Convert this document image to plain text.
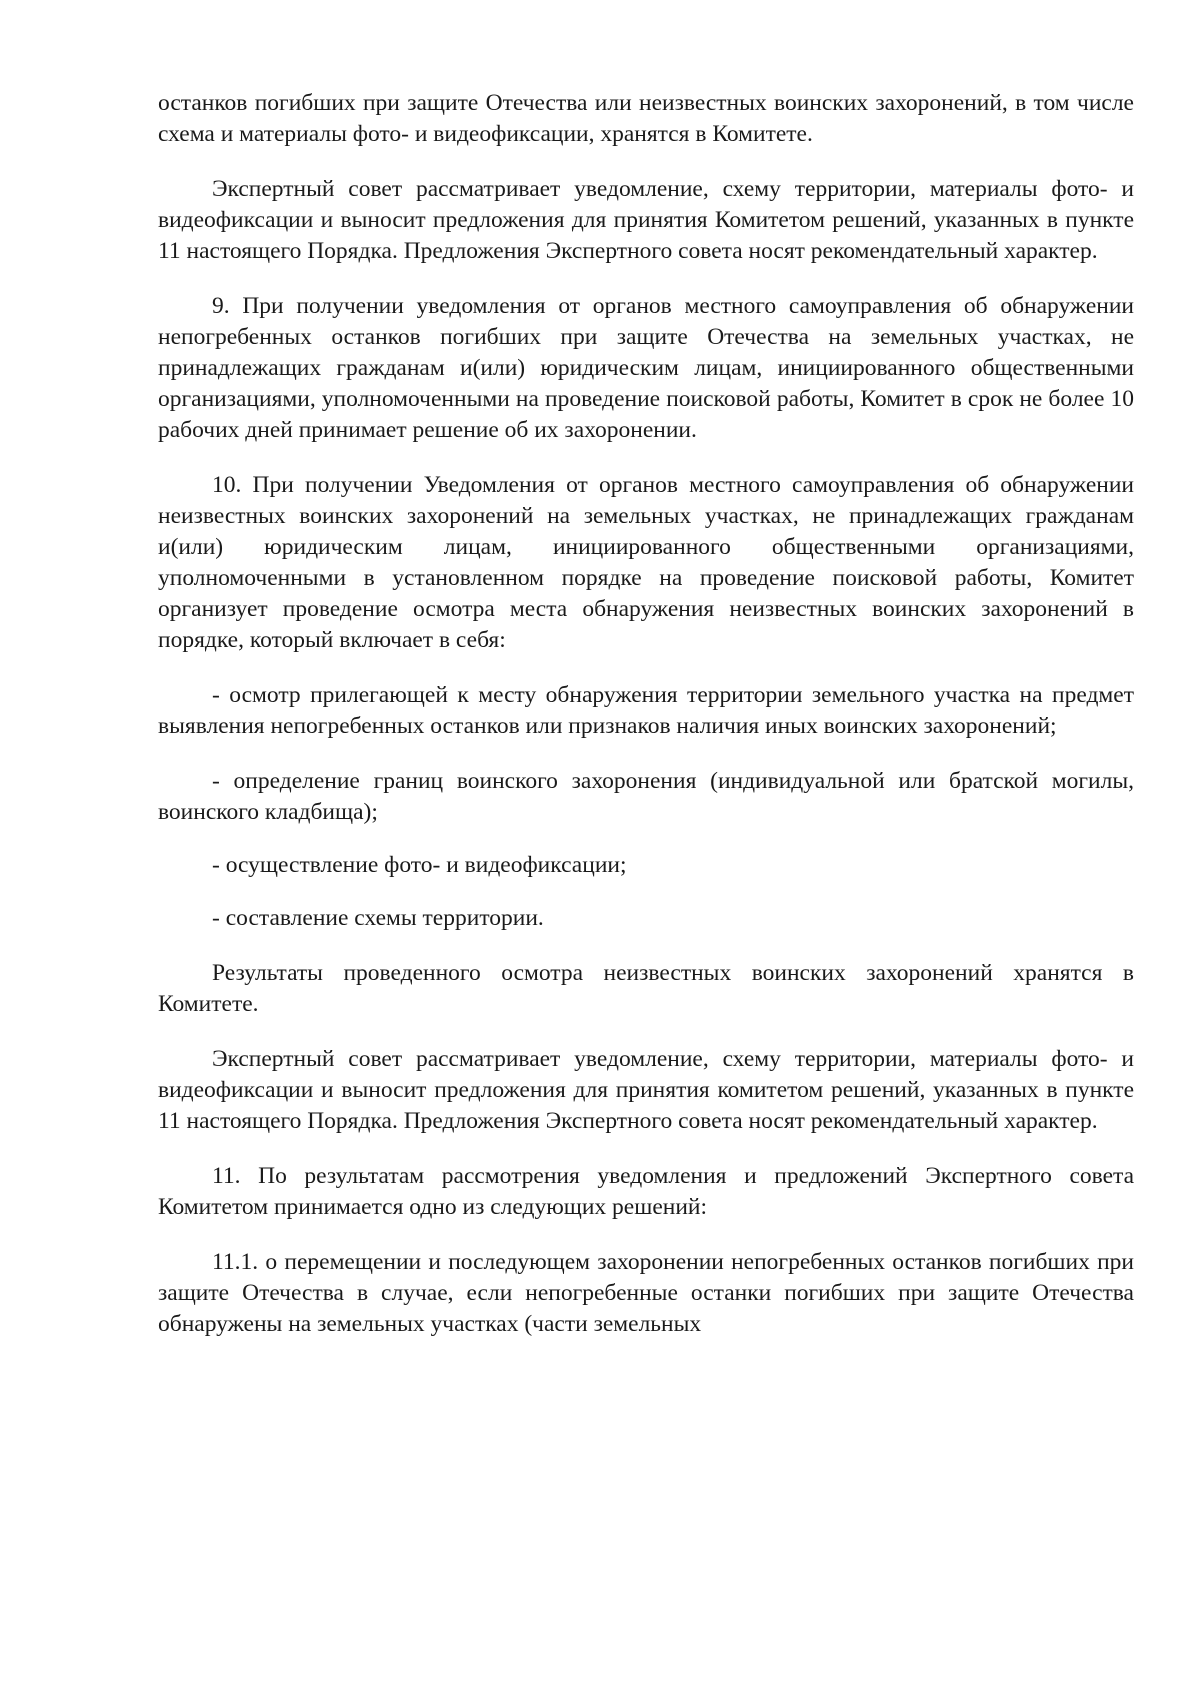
останков погибших при защите Отечества или неизвестных воинских захоронений, в том числе схема и материалы фото- и видеофиксации, хранятся в Комитете.

Экспертный совет рассматривает уведомление, схему территории, материалы фото- и видеофиксации и выносит предложения для принятия Комитетом решений, указанных в пункте 11 настоящего Порядка. Предложения Экспертного совета носят рекомендательный характер.

9. При получении уведомления от органов местного самоуправления об обнаружении непогребенных останков погибших при защите Отечества на земельных участках, не принадлежащих гражданам и(или) юридическим лицам, инициированного общественными организациями, уполномоченными на проведение поисковой работы, Комитет в срок не более 10 рабочих дней принимает решение об их захоронении.

10. При получении Уведомления от органов местного самоуправления об обнаружении неизвестных воинских захоронений на земельных участках, не принадлежащих гражданам и(или) юридическим лицам, инициированного общественными организациями, уполномоченными в установленном порядке на проведение поисковой работы, Комитет организует проведение осмотра места обнаружения неизвестных воинских захоронений в порядке, который включает в себя:

- осмотр прилегающей к месту обнаружения территории земельного участка на предмет выявления непогребенных останков или признаков наличия иных воинских захоронений;

- определение границ воинского захоронения (индивидуальной или братской могилы, воинского кладбища);

- осуществление фото- и видеофиксации;

- составление схемы территории.

Результаты проведенного осмотра неизвестных воинских захоронений хранятся в Комитете.

Экспертный совет рассматривает уведомление, схему территории, материалы фото- и видеофиксации и выносит предложения для принятия комитетом решений, указанных в пункте 11 настоящего Порядка. Предложения Экспертного совета носят рекомендательный характер.

11. По результатам рассмотрения уведомления и предложений Экспертного совета Комитетом принимается одно из следующих решений:

11.1. о перемещении и последующем захоронении непогребенных останков погибших при защите Отечества в случае, если непогребенные останки погибших при защите Отечества обнаружены на земельных участках (части земельных
